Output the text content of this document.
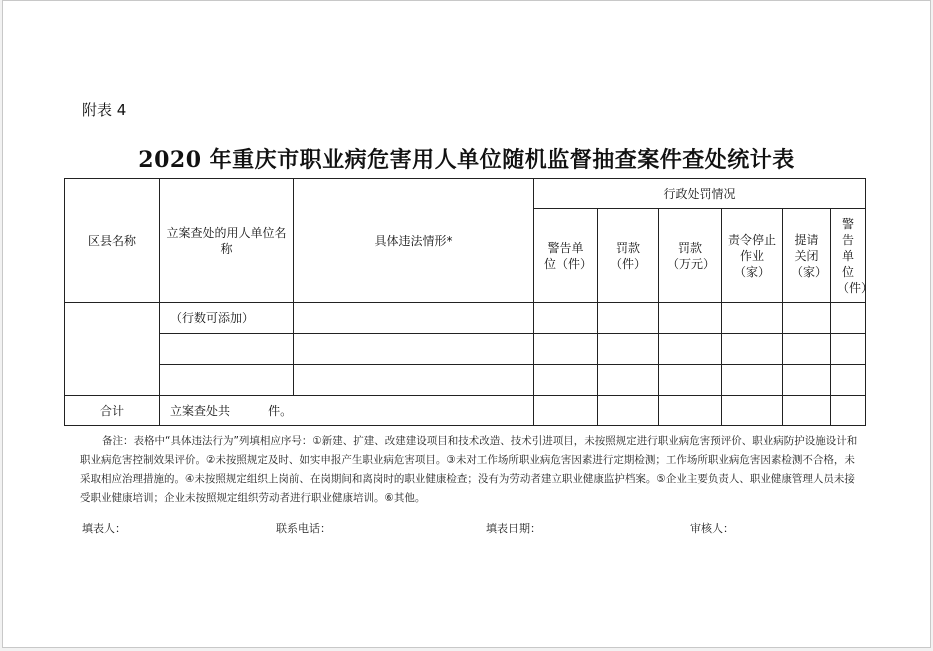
附表 4
2020 年重庆市职业病危害用人单位随机监督抽查案件查处统计表
区县名称	立案查处的用人单位名称	具体违法情形*	行政处罚情况					
			警告单位（件）	罚款（件）	罚款（万元）	责令停止作业（家）	提请关闭（家）	警告单位（件）
	（行数可添加）							

合计	立案查处共          件。							
备注：表格中“具体违法行为”列填相应序号：①新建、扩建、改建建设项目和技术改造、技术引进项目，未按照规定进行职业病危害预评价、职业病防护设施设计和职业病危害控制效果评价。②未按照规定及时、如实申报产生职业病危害项目。③未对工作场所职业病危害因素进行定期检测；工作场所职业病危害因素检测不合格，未采取相应治理措施的。④未按照规定组织上岗前、在岗期间和离岗时的职业健康检查；没有为劳动者建立职业健康监护档案。⑤企业主要负责人、职业健康管理人员未接受职业健康培训；企业未按照规定组织劳动者进行职业健康培训。⑥其他。
填表人：	联系电话：	填表日期：	审核人：
